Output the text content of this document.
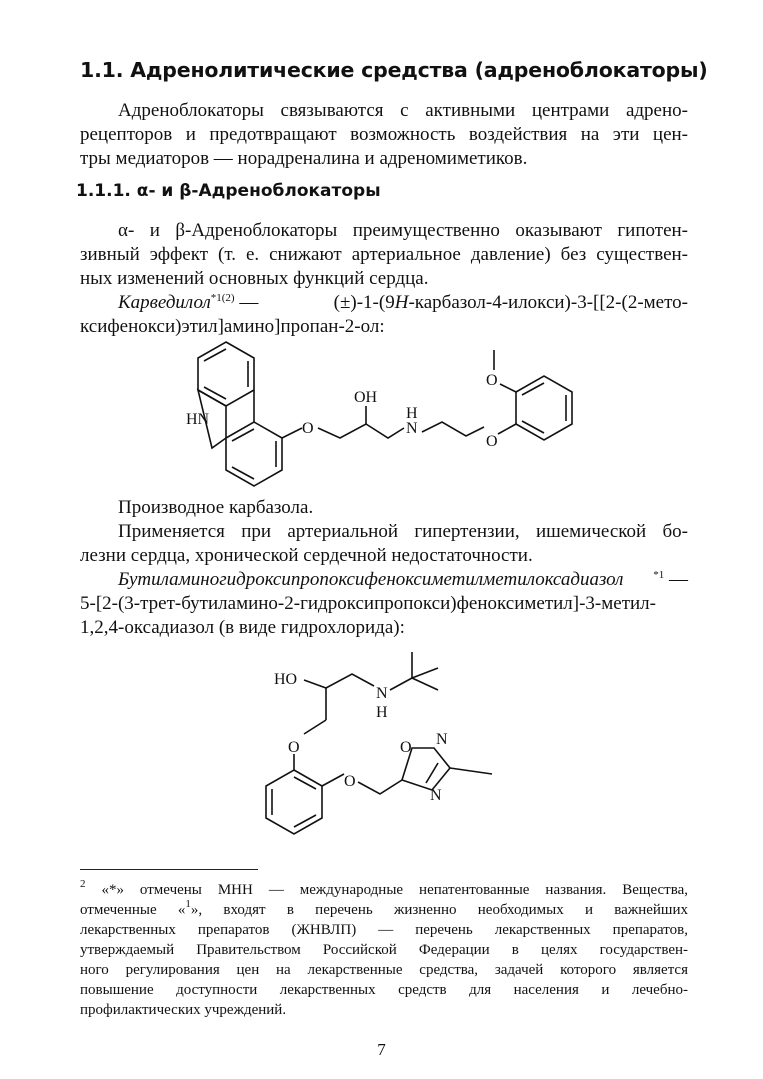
1.1. Адренолитические средства (адреноблокаторы)
Адреноблокаторы связываются с активными центрами адрено-
рецепторов и предотвращают возможность воздействия на эти цен-
тры медиаторов — норадреналина и адреномиметиков.
1.1.1. α- и β-Адреноблокаторы
α- и β-Адреноблокаторы преимущественно оказывают гипотен-
зивный эффект (т. е. снижают артериальное давление) без существен-
ных изменений основных функций сердца.
Карведилол$^{*1(2)}$ —	(±)-1-(9H-карбазол-4-илокси)-3-[[2-(2-мето-
ксифенокси)этил]амино]пропан-2-ол:
HN
O
OH
H
N
O
O
Производное карбазола.
Применяется при артериальной гипертензии, ишемической бо-
лезни сердца, хронической сердечной недостаточности.
Бутиламиногидроксипропоксифеноксиметилметилоксадиазол	$^{*1}$ —
5-[2-(3-трет-бутиламино-2-гидроксипропокси)феноксиметил]-3-метил-
1,2,4-оксадиазол (в виде гидрохлорида):
HO
N
H
O
O
O N
N
$^2$ «*» отмечены МНН — международные непатентованные названия. Вещества,
отмеченные «$^1$», входят в перечень жизненно необходимых и важнейших
лекарственных препаратов (ЖНВЛП) — перечень лекарственных препаратов,
утверждаемый Правительством Российской Федерации в целях государствен-
ного регулирования цен на лекарственные средства, задачей которого является
повышение доступности лекарственных средств для населения и лечебно-
профилактических учреждений.
7
